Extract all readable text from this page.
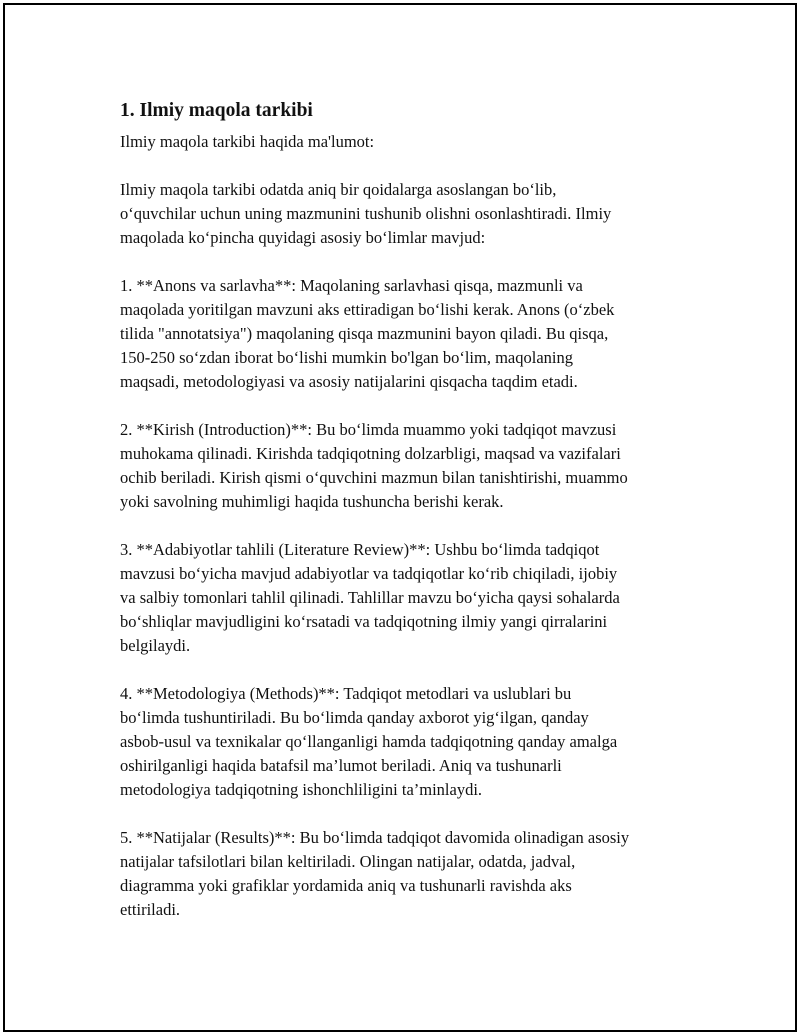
1. Ilmiy maqola tarkibi

Ilmiy maqola tarkibi haqida ma'lumot:

Ilmiy maqola tarkibi odatda aniq bir qoidalarga asoslangan bo‘lib,
o‘quvchilar uchun uning mazmunini tushunib olishni osonlashtiradi. Ilmiy
maqolada ko‘pincha quyidagi asosiy bo‘limlar mavjud:

1. **Anons va sarlavha**: Maqolaning sarlavhasi qisqa, mazmunli va
maqolada yoritilgan mavzuni aks ettiradigan bo‘lishi kerak. Anons (o‘zbek
tilida "annotatsiya") maqolaning qisqa mazmunini bayon qiladi. Bu qisqa,
150-250 so‘zdan iborat bo‘lishi mumkin bo'lgan bo‘lim, maqolaning
maqsadi, metodologiyasi va asosiy natijalarini qisqacha taqdim etadi.

2. **Kirish (Introduction)**: Bu bo‘limda muammo yoki tadqiqot mavzusi
muhokama qilinadi. Kirishda tadqiqotning dolzarbligi, maqsad va vazifalari
ochib beriladi. Kirish qismi o‘quvchini mazmun bilan tanishtirishi, muammo
yoki savolning muhimligi haqida tushuncha berishi kerak.

3. **Adabiyotlar tahlili (Literature Review)**: Ushbu bo‘limda tadqiqot
mavzusi bo‘yicha mavjud adabiyotlar va tadqiqotlar ko‘rib chiqiladi, ijobiy
va salbiy tomonlari tahlil qilinadi. Tahlillar mavzu bo‘yicha qaysi sohalarda
bo‘shliqlar mavjudligini ko‘rsatadi va tadqiqotning ilmiy yangi qirralarini
belgilaydi.

4. **Metodologiya (Methods)**: Tadqiqot metodlari va uslublari bu
bo‘limda tushuntiriladi. Bu bo‘limda qanday axborot yig‘ilgan, qanday
asbob-usul va texnikalar qo‘llanganligi hamda tadqiqotning qanday amalga
oshirilganligi haqida batafsil ma’lumot beriladi. Aniq va tushunarli
metodologiya tadqiqotning ishonchliligini ta’minlaydi.

5. **Natijalar (Results)**: Bu bo‘limda tadqiqot davomida olinadigan asosiy
natijalar tafsilotlari bilan keltiriladi. Olingan natijalar, odatda, jadval,
diagramma yoki grafiklar yordamida aniq va tushunarli ravishda aks
ettiriladi.
